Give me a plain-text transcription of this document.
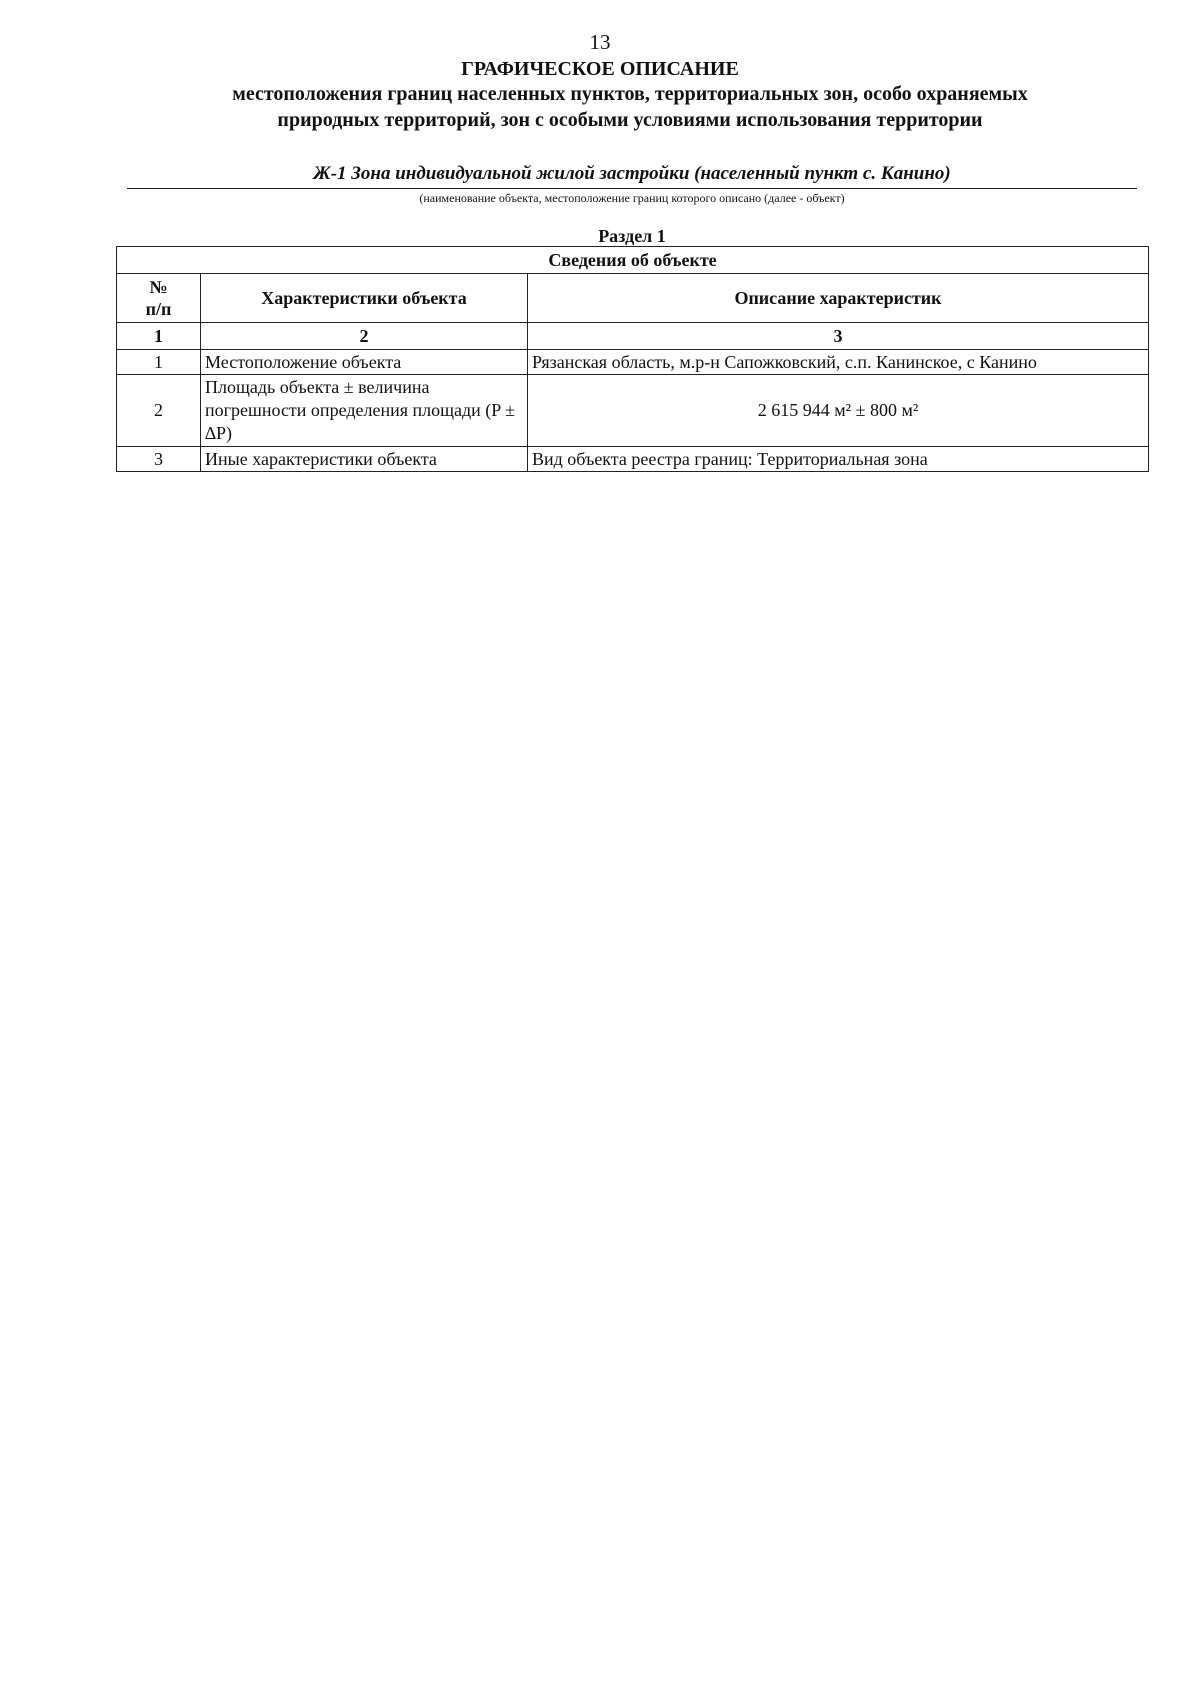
13
ГРАФИЧЕСКОЕ ОПИСАНИЕ
местоположения границ населенных пунктов, территориальных зон, особо охраняемых природных территорий, зон с особыми условиями использования территории
Ж-1 Зона индивидуальной жилой застройки (населенный пункт с. Канино)
(наименование объекта, местоположение границ которого описано (далее - объект)
Раздел 1
Сведения об объекте		
№
п/п	Характеристики объекта	Описание характеристик
1	2	3
1	Местоположение объекта	Рязанская область, м.р-н Сапожковский, с.п. Канинское, с Канино
2	Площадь объекта ± величина погрешности определения площади (P ± ∆P)	2 615 944 м² ± 800 м²
3	Иные характеристики объекта	Вид объекта реестра границ: Территориальная зона
